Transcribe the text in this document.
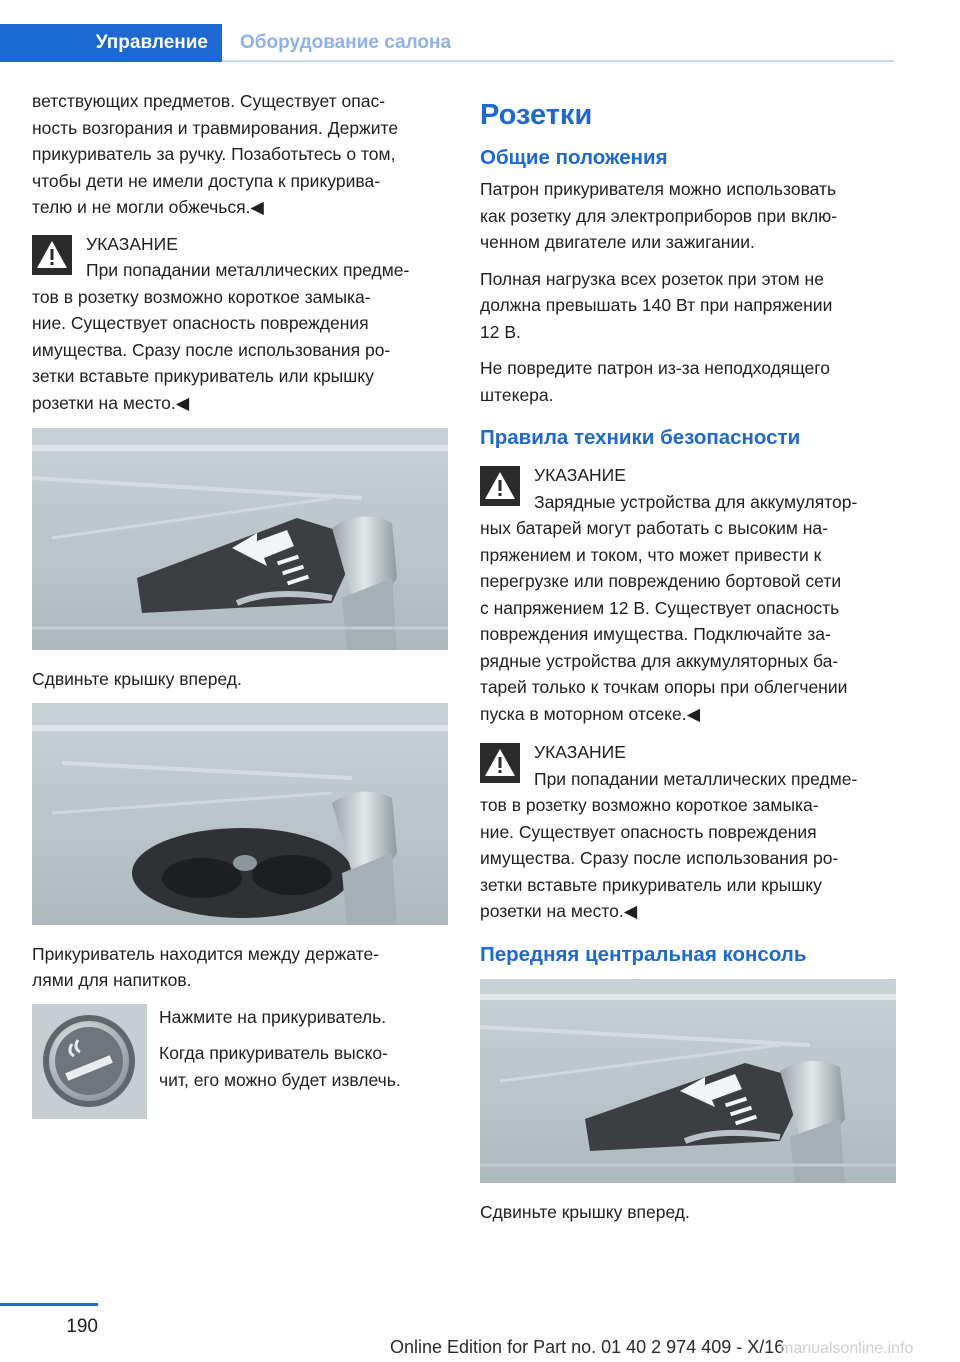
Управление	Оборудование салона

ветствующих предметов. Существует опас-
ность возгорания и травмирования. Держите
прикуриватель за ручку. Позаботьтесь о том,
чтобы дети не имели доступа к прикурива-
телю и не могли обжечься.◀

УКАЗАНИЕ
При попадании металлических предме-
тов в розетку возможно короткое замыка-
ние. Существует опасность повреждения
имущества. Сразу после использования ро-
зетки вставьте прикуриватель или крышку
розетки на место.◀

Сдвиньте крышку вперед.

Прикуриватель находится между держате-
лями для напитков.

Нажмите на прикуриватель.

Когда прикуриватель выско-
чит, его можно будет извлечь.

Розетки
Общие положения

Патрон прикуривателя можно использовать
как розетку для электроприборов при вклю-
ченном двигателе или зажигании.

Полная нагрузка всех розеток при этом не
должна превышать 140 Вт при напряжении
12 В.

Не повредите патрон из-за неподходящего
штекера.

Правила техники безопасности
УКАЗАНИЕ
Зарядные устройства для аккумулятор-
ных батарей могут работать с высоким на-
пряжением и током, что может привести к
перегрузке или повреждению бортовой сети
с напряжением 12 В. Существует опасность
повреждения имущества. Подключайте за-
рядные устройства для аккумуляторных ба-
тарей только к точкам опоры при облегчении
пуска в моторном отсеке.◀
УКАЗАНИЕ
При попадании металлических предме-
тов в розетку возможно короткое замыка-
ние. Существует опасность повреждения
имущества. Сразу после использования ро-
зетки вставьте прикуриватель или крышку
розетки на место.◀
Передняя центральная консоль

Сдвиньте крышку вперед.

190
Online Edition for Part no. 01 40 2 974 409 - X/16
manualsonline.info
